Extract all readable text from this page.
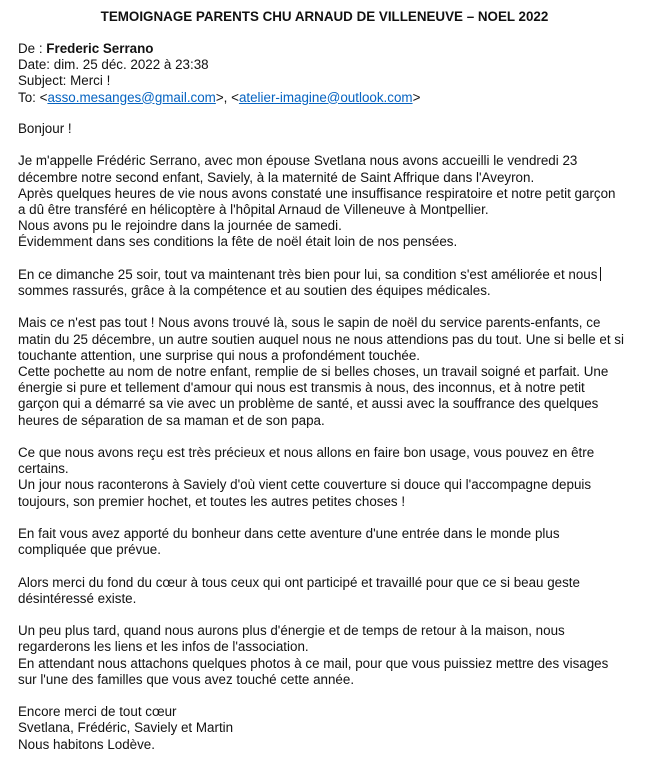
TEMOIGNAGE PARENTS CHU ARNAUD DE VILLENEUVE – NOEL 2022
De : Frederic Serrano
Date: dim. 25 déc. 2022 à 23:38
Subject: Merci !
To: <asso.mesanges@gmail.com>, <atelier-imagine@outlook.com>

Bonjour !

Je m'appelle Frédéric Serrano, avec mon épouse Svetlana nous avons accueilli le vendredi 23
décembre notre second enfant, Saviely, à la maternité de Saint Affrique dans l'Aveyron.
Après quelques heures de vie nous avons constaté une insuffisance respiratoire et notre petit garçon
a dû être transféré en hélicoptère à l'hôpital Arnaud de Villeneuve à Montpellier.
Nous avons pu le rejoindre dans la journée de samedi.
Évidemment dans ses conditions la fête de noël était loin de nos pensées.

En ce dimanche 25 soir, tout va maintenant très bien pour lui, sa condition s'est améliorée et nous
sommes rassurés, grâce à la compétence et au soutien des équipes médicales.

Mais ce n'est pas tout ! Nous avons trouvé là, sous le sapin de noël du service parents-enfants, ce
matin du 25 décembre, un autre soutien auquel nous ne nous attendions pas du tout. Une si belle et si
touchante attention, une surprise qui nous a profondément touchée.
Cette pochette au nom de notre enfant, remplie de si belles choses, un travail soigné et parfait. Une
énergie si pure et tellement d'amour qui nous est transmis à nous, des inconnus, et à notre petit
garçon qui a démarré sa vie avec un problème de santé, et aussi avec la souffrance des quelques
heures de séparation de sa maman et de son papa.

Ce que nous avons reçu est très précieux et nous allons en faire bon usage, vous pouvez en être
certains.
Un jour nous raconterons à Saviely d'où vient cette couverture si douce qui l'accompagne depuis
toujours, son premier hochet, et toutes les autres petites choses !

En fait vous avez apporté du bonheur dans cette aventure d'une entrée dans le monde plus
compliquée que prévue.

Alors merci du fond du cœur à tous ceux qui ont participé et travaillé pour que ce si beau geste
désintéressé existe.

Un peu plus tard, quand nous aurons plus d'énergie et de temps de retour à la maison, nous
regarderons les liens et les infos de l'association.
En attendant nous attachons quelques photos à ce mail, pour que vous puissiez mettre des visages
sur l'une des familles que vous avez touché cette année.

Encore merci de tout cœur
Svetlana, Frédéric, Saviely et Martin
Nous habitons Lodève.
